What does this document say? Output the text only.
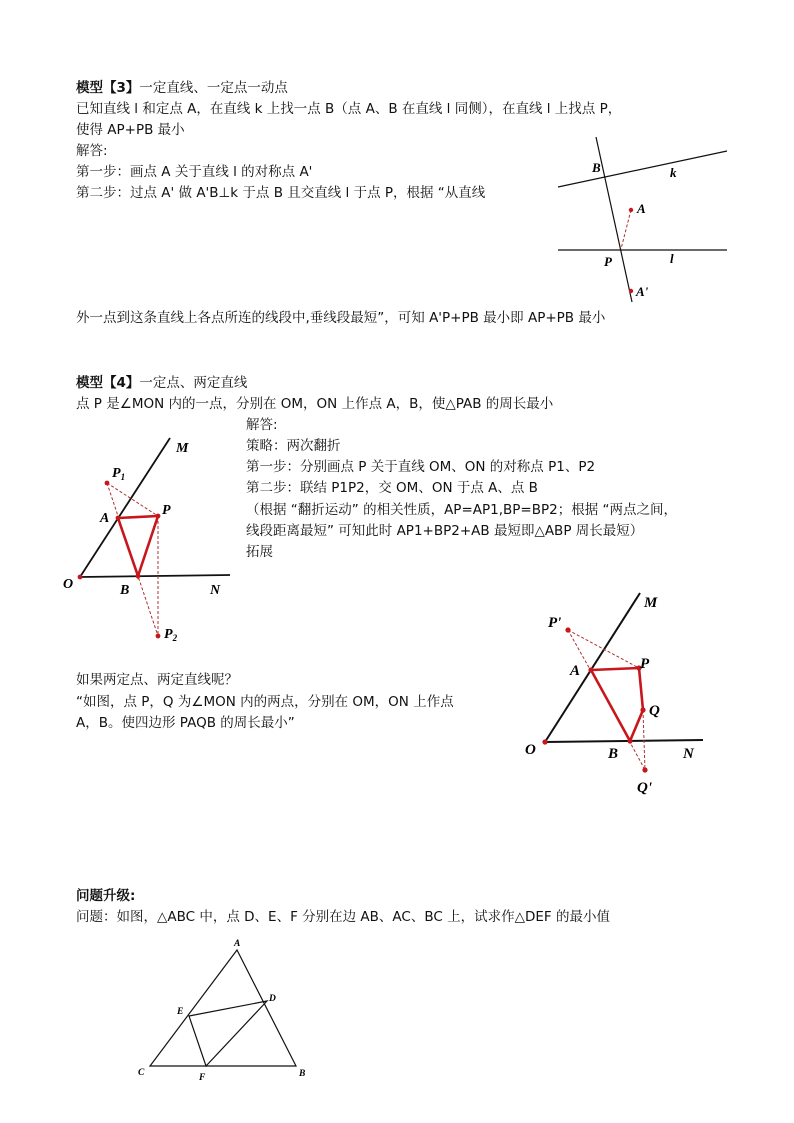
模型【3】一定直线、一定点一动点
已知直线 l 和定点 A，在直线 k 上找一点 B（点 A、B 在直线 l 同侧），在直线 l 上找点 P，
使得 AP+PB 最小
解答:
第一步：画点 A 关于直线 l 的对称点 A'
第二步：过点 A' 做 A'B⊥k 于点 B 且交直线 l 于点 P，根据 “从直线
外一点到这条直线上各点所连的线段中,垂线段最短”，可知 A'P+PB 最小即 AP+PB 最小
B	k
A
P	l
A'
模型【4】一定点、两定直线
点 P 是∠MON 内的一点，分别在 OM，ON 上作点 A，B，使△PAB 的周长最小
解答:
策略：两次翻折
第一步：分别画点 P 关于直线 OM、ON 的对称点 P1、P2
第二步：联结 P1P2，交 OM、ON 于点 A、点 B
（根据 “翻折运动” 的相关性质，AP=AP1,BP=BP2；根据 “两点之间，
线段距离最短” 可知此时 AP1+BP2+AB 最短即△ABP 周长最短）
拓展
如果两定点、两定直线呢？
“如图，点 P，Q 为∠MON 内的两点，分别在 OM，ON 上作点
A，B。使四边形 PAQB 的周长最小”
M
$P_1$
A
P
O	B	N
$P_2$
P'
M
A	P
Q
O	B	N
Q'
问题升级:
问题：如图，△ABC 中，点 D、E、F 分别在边 AB、AC、BC 上，试求作△DEF 的最小值
A
E
D
C	F	B
